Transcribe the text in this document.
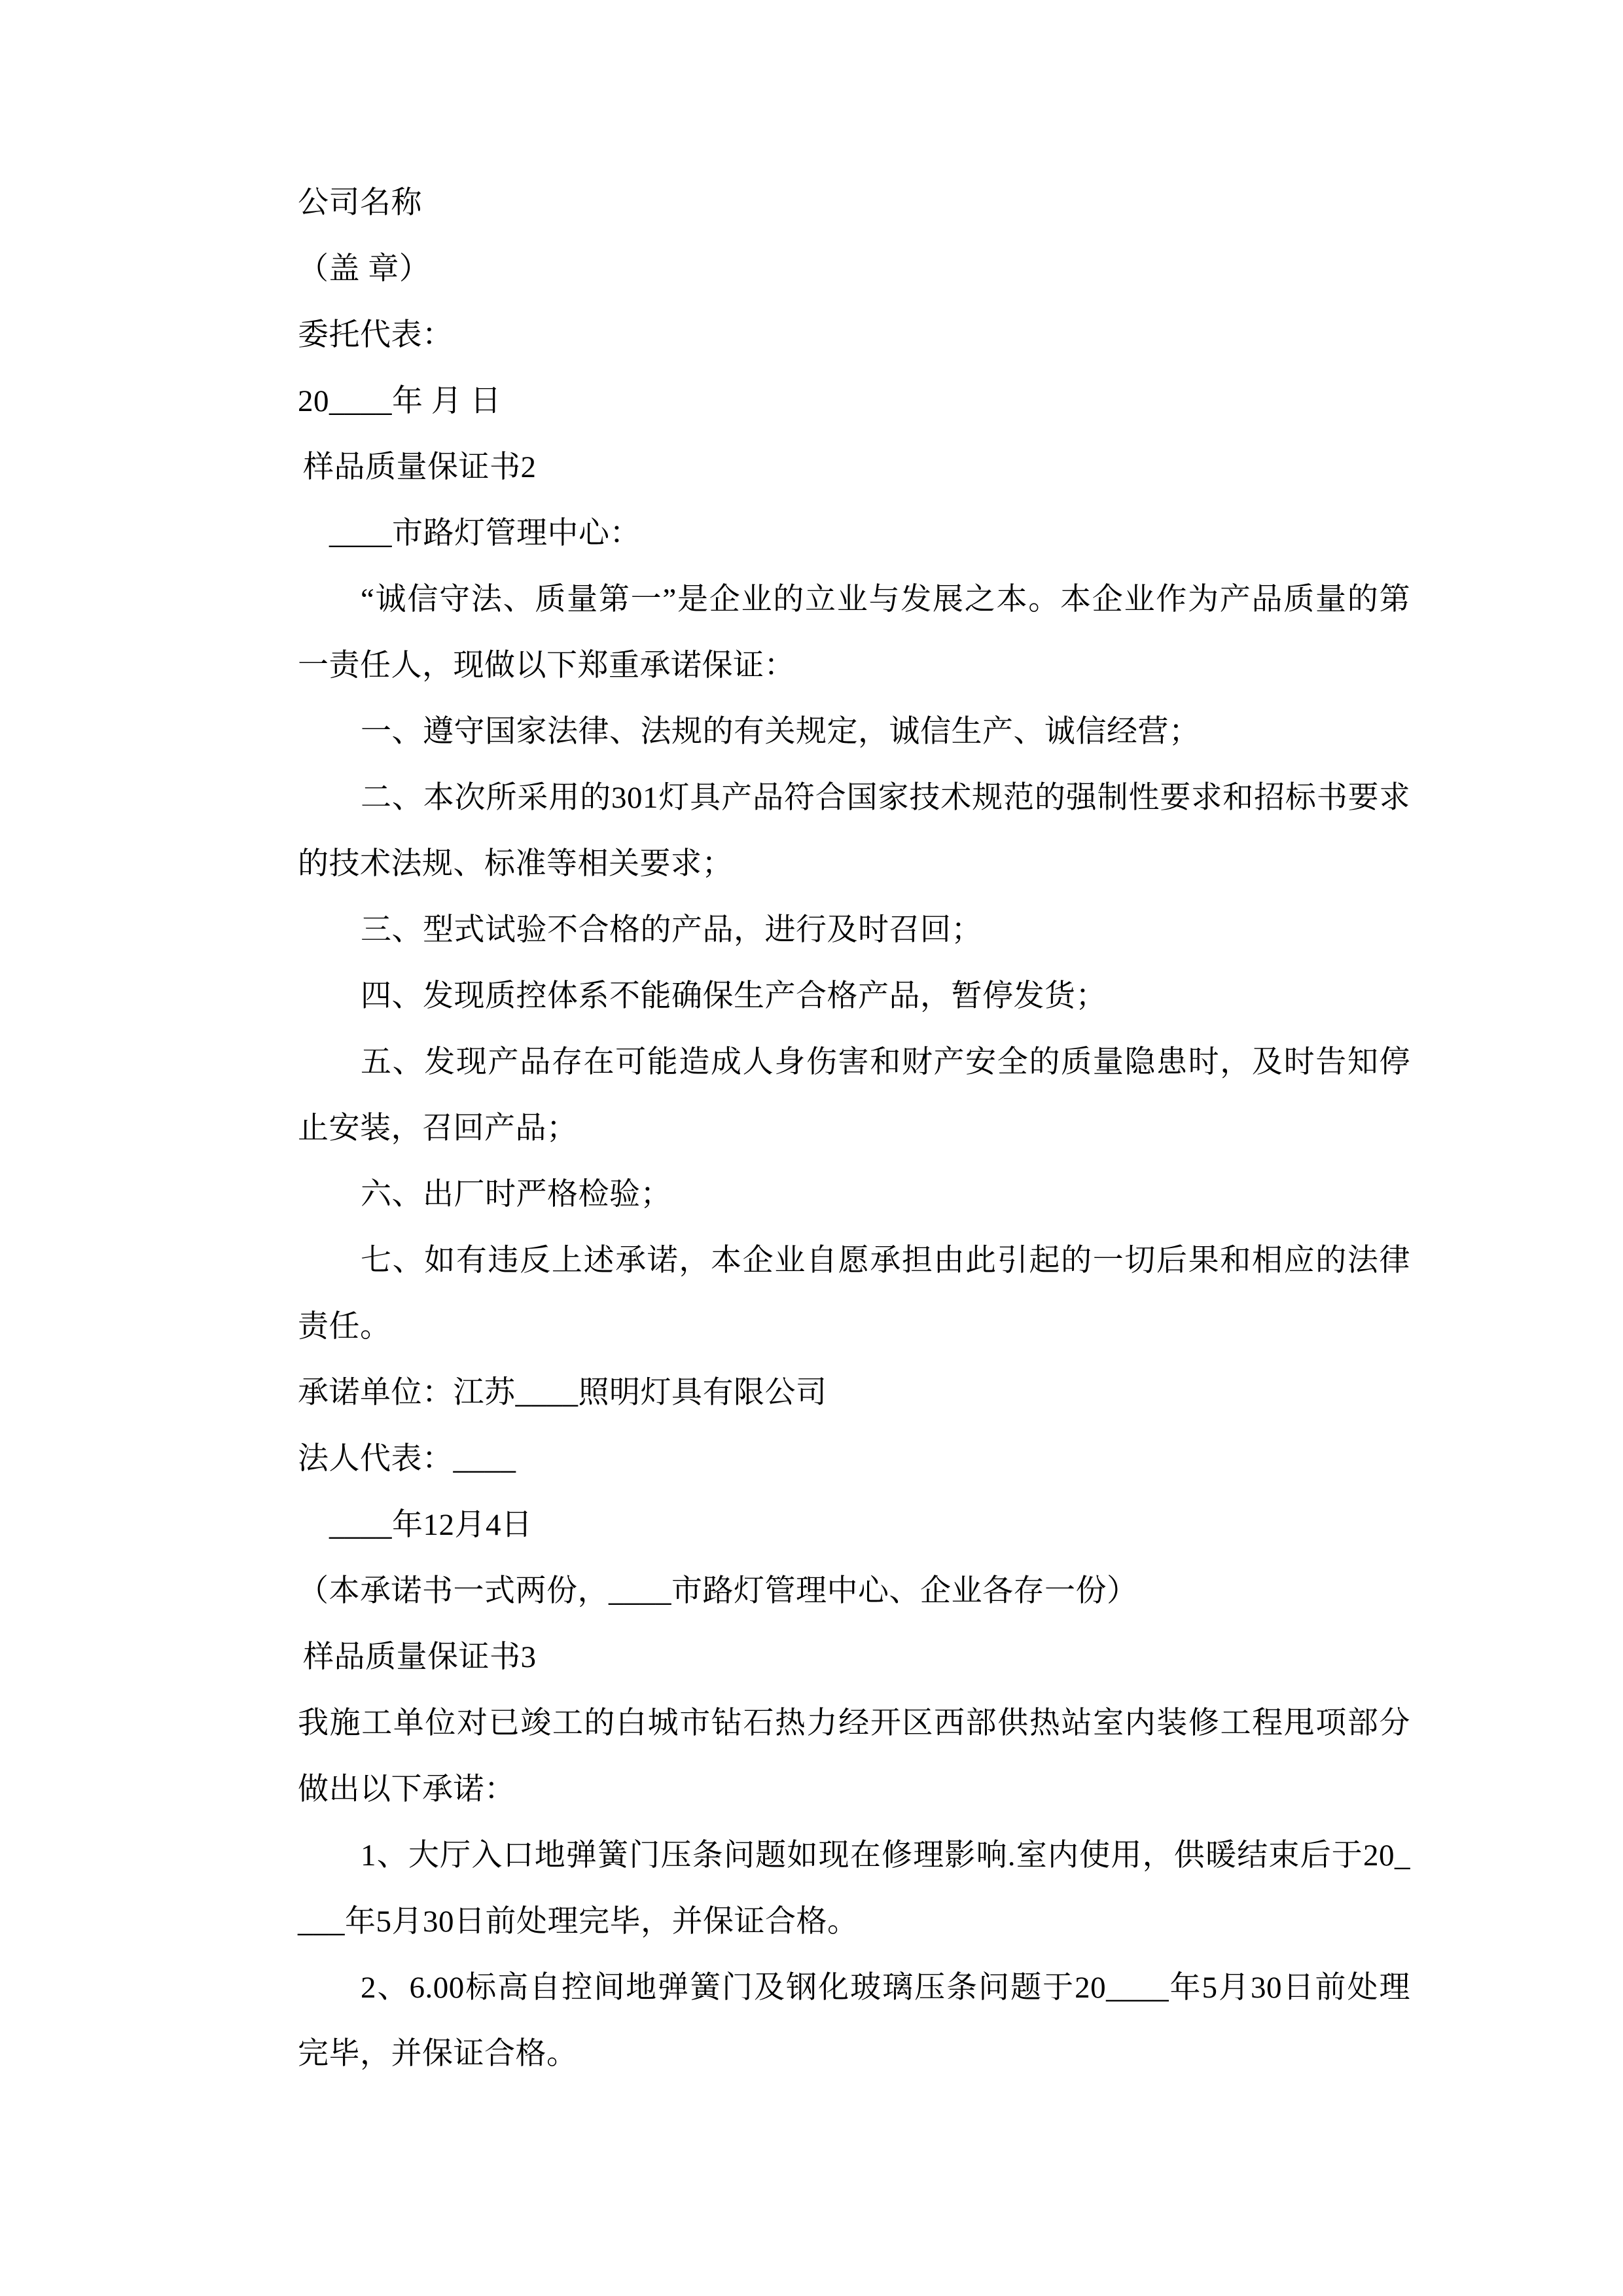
公司名称

（盖 章）

委托代表：

20____年 月 日

样品质量保证书2

____市路灯管理中心：

“诚信守法、质量第一”是企业的立业与发展之本。本企业作为产品质量的第一责任人，现做以下郑重承诺保证：

一、遵守国家法律、法规的有关规定，诚信生产、诚信经营；

二、本次所采用的301灯具产品符合国家技术规范的强制性要求和招标书要求的技术法规、标准等相关要求；

三、型式试验不合格的产品，进行及时召回；

四、发现质控体系不能确保生产合格产品，暂停发货；

五、发现产品存在可能造成人身伤害和财产安全的质量隐患时，及时告知停止安装，召回产品；

六、出厂时严格检验；

七、如有违反上述承诺，本企业自愿承担由此引起的一切后果和相应的法律责任。

承诺单位：江苏____照明灯具有限公司

法人代表：____

____年12月4日

（本承诺书一式两份，____市路灯管理中心、企业各存一份）

样品质量保证书3

我施工单位对已竣工的白城市钻石热力经开区西部供热站室内装修工程甩项部分做出以下承诺：

1、大厅入口地弹簧门压条问题如现在修理影响.室内使用，供暖结束后于20____年5月30日前处理完毕，并保证合格。

2、6.00标高自控间地弹簧门及钢化玻璃压条问题于20____年5月30日前处理完毕，并保证合格。
